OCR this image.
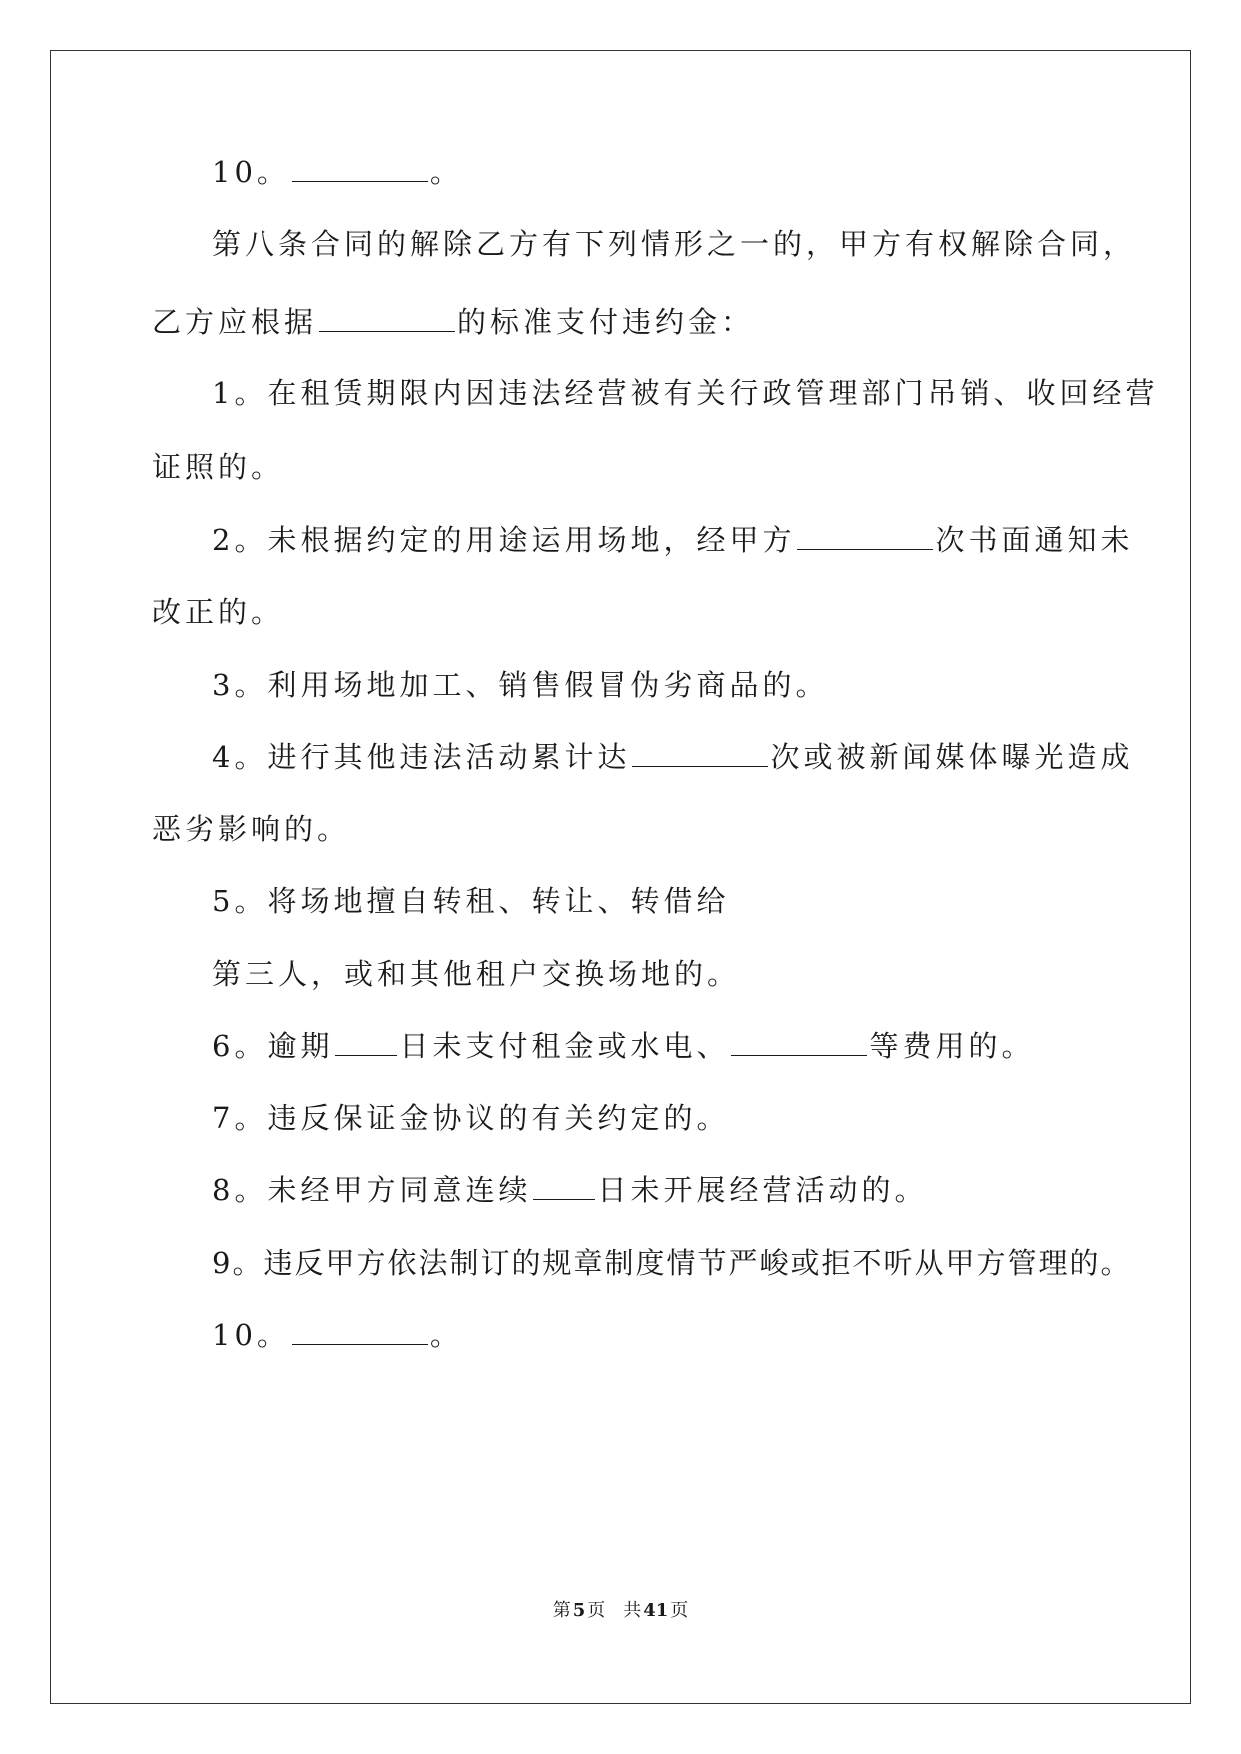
10。	。
第八条合同的解除乙方有下列情形之一的，甲方有权解除合同，
乙方应根据	的标准支付违约金：
1。在租赁期限内因违法经营被有关行政管理部门吊销、收回经营
证照的。
2。未根据约定的用途运用场地，经甲方	次书面通知未
改正的。
3。利用场地加工、销售假冒伪劣商品的。
4。进行其他违法活动累计达	次或被新闻媒体曝光造成
恶劣影响的。
5。将场地擅自转租、转让、转借给
第三人，或和其他租户交换场地的。
6。逾期 日未支付租金或水电、	等费用的。
7。违反保证金协议的有关约定的。
8。未经甲方同意连续 日未开展经营活动的。
9。违反甲方依法制订的规章制度情节严峻或拒不听从甲方管理的。
10。	。
第 5 页 共 41 页
